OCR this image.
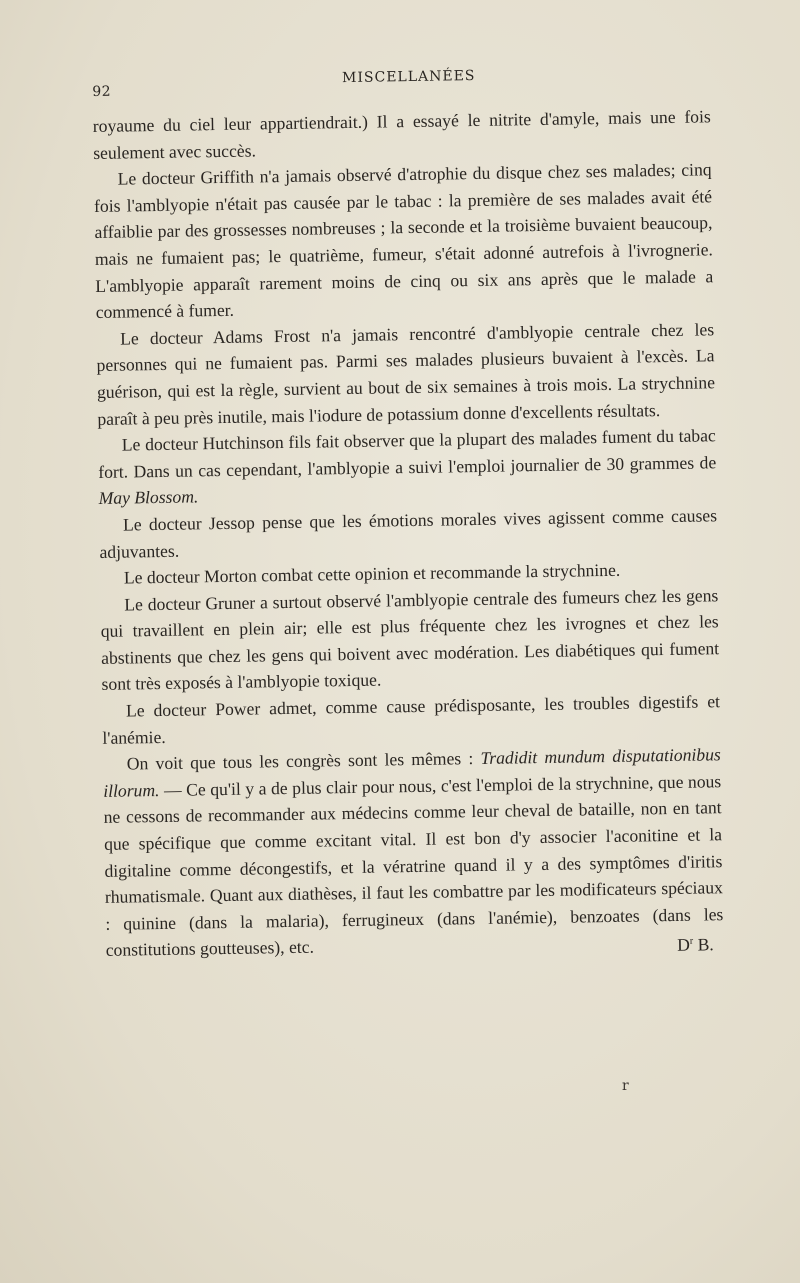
92
MISCELLANÉES

royaume du ciel leur appartiendrait.) Il a essayé le nitrite d'amyle, mais une fois seulement avec succès.

Le docteur Griffith n'a jamais observé d'atrophie du disque chez ses malades; cinq fois l'amblyopie n'était pas causée par le tabac : la première de ses malades avait été affaiblie par des grossesses nombreuses ; la seconde et la troisième buvaient beaucoup, mais ne fumaient pas; le quatrième, fumeur, s'était adonné autrefois à l'ivrognerie. L'amblyopie apparaît rarement moins de cinq ou six ans après que le malade a commencé à fumer.

Le docteur Adams Frost n'a jamais rencontré d'amblyopie centrale chez les personnes qui ne fumaient pas. Parmi ses malades plusieurs buvaient à l'excès. La guérison, qui est la règle, survient au bout de six semaines à trois mois. La strychnine paraît à peu près inutile, mais l'iodure de potassium donne d'excellents résultats.

Le docteur Hutchinson fils fait observer que la plupart des malades fument du tabac fort. Dans un cas cependant, l'amblyopie a suivi l'emploi journalier de 30 grammes de May Blossom.

Le docteur Jessop pense que les émotions morales vives agissent comme causes adjuvantes.

Le docteur Morton combat cette opinion et recommande la strychnine.

Le docteur Gruner a surtout observé l'amblyopie centrale des fumeurs chez les gens qui travaillent en plein air; elle est plus fréquente chez les ivrognes et chez les abstinents que chez les gens qui boivent avec modération. Les diabétiques qui fument sont très exposés à l'amblyopie toxique.

Le docteur Power admet, comme cause prédisposante, les troubles digestifs et l'anémie.

On voit que tous les congrès sont les mêmes : Tradidit mundum disputationibus illorum. — Ce qu'il y a de plus clair pour nous, c'est l'emploi de la strychnine, que nous ne cessons de recommander aux médecins comme leur cheval de bataille, non en tant que spécifique que comme excitant vital. Il est bon d'y associer l'aconitine et la digitaline comme décongestifs, et la vératrine quand il y a des symptômes d'iritis rhumatismale. Quant aux diathèses, il faut les combattre par les modificateurs spéciaux : quinine (dans la malaria), ferrugineux (dans l'anémie), benzoates (dans les constitutions goutteuses), etc.	$D^r$ B.
r
